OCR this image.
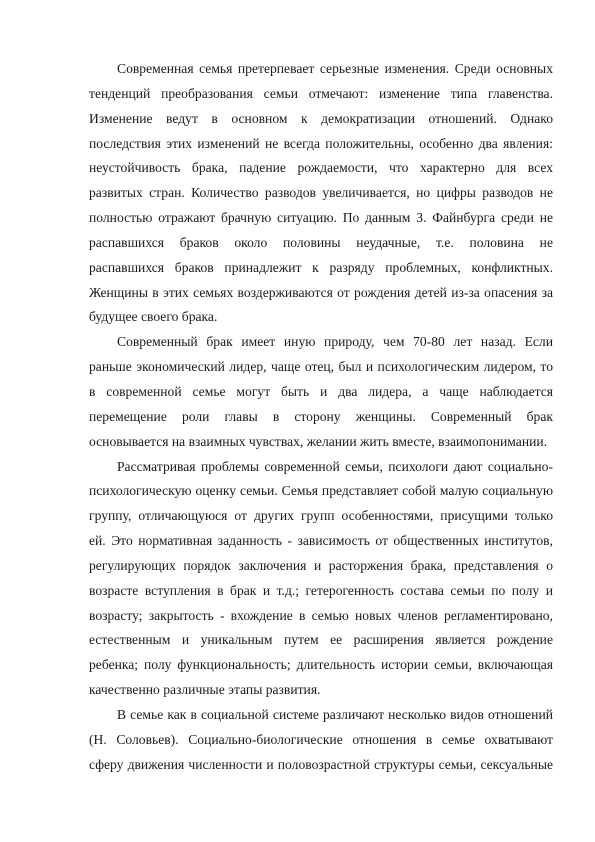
Современная семья претерпевает серьезные изменения. Среди основных
тенденций преобразования семьи отмечают: изменение типа главенства.
Изменение ведут в основном к демократизации отношений. Однако
последствия этих изменений не всегда положительны, особенно два явления:
неустойчивость брака, падение рождаемости, что характерно для всех
развитых стран. Количество разводов увеличивается, но цифры разводов не
полностью отражают брачную ситуацию. По данным З. Файнбурга среди не
распавшихся браков около половины неудачные, т.е. половина не
распавшихся браков принадлежит к разряду проблемных, конфликтных.
Женщины в этих семьях воздерживаются от рождения детей из-за опасения за
будущее своего брака.
Современный брак имеет иную природу, чем 70-80 лет назад. Если
раньше экономический лидер, чаще отец, был и психологическим лидером, то
в современной семье могут быть и два лидера, а чаще наблюдается
перемещение роли главы в сторону женщины. Современный брак
основывается на взаимных чувствах, желании жить вместе, взаимопонимании.
Рассматривая проблемы современной семьи, психологи дают социально-
психологическую оценку семьи. Семья представляет собой малую социальную
группу, отличающуюся от других групп особенностями, присущими только
ей. Это нормативная заданность - зависимость от общественных институтов,
регулирующих порядок заключения и расторжения брака, представления о
возрасте вступления в брак и т.д.; гетерогенность состава семьи по полу и
возрасту; закрытость - вхождение в семью новых членов регламентировано,
естественным и уникальным путем ее расширения является рождение
ребенка; полу функциональность; длительность истории семьи, включающая
качественно различные этапы развития.
В семье как в социальной системе различают несколько видов отношений
(Н. Соловьев). Социально-биологические отношения в семье охватывают
сферу движения численности и половозрастной структуры семьи, сексуальные
